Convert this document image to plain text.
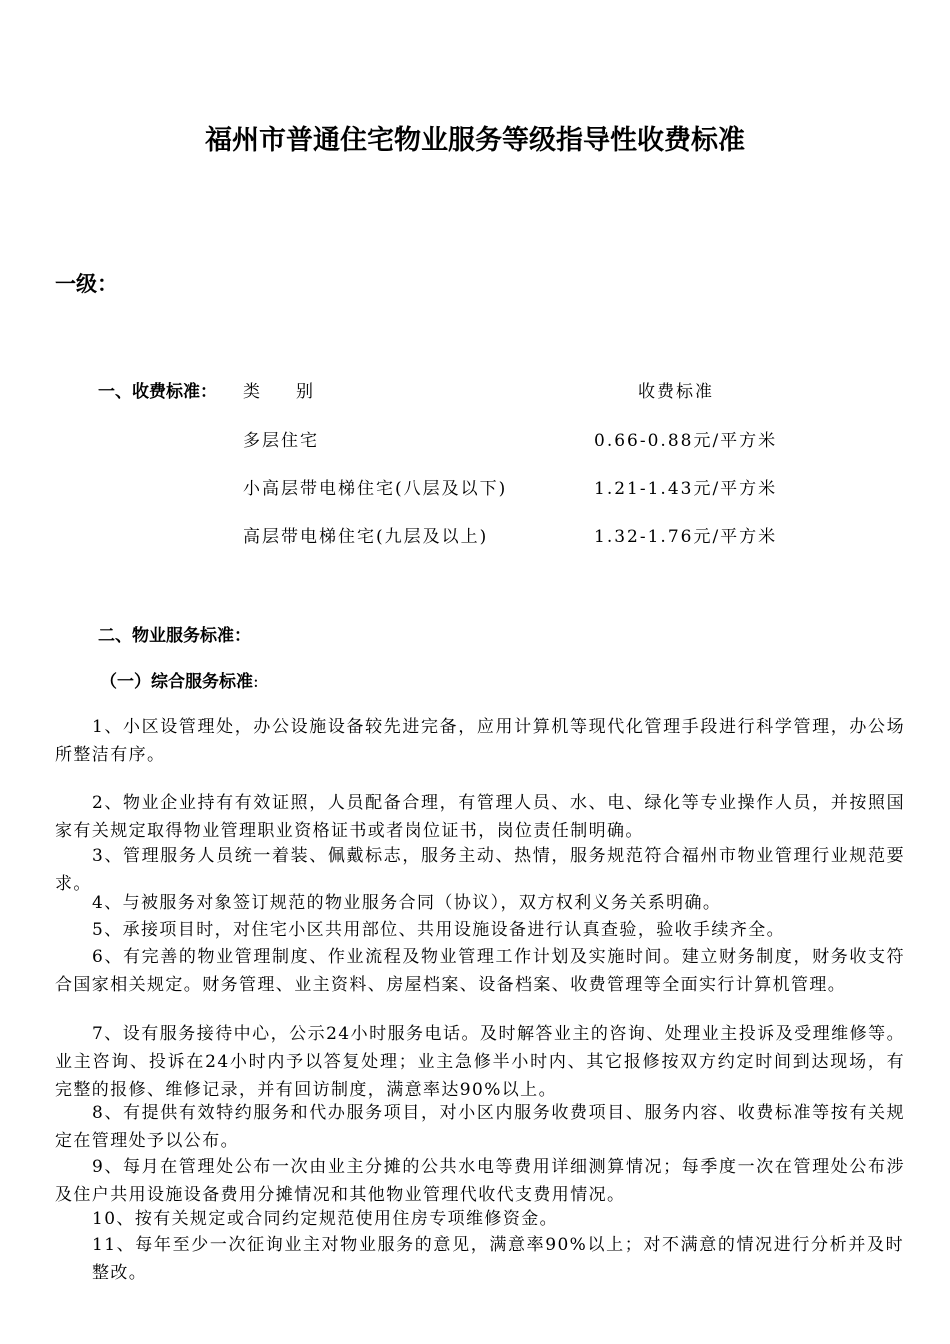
福州市普通住宅物业服务等级指导性收费标准
一级：
一、收费标准： 类 别	收费标准
多层住宅	0.66-0.88元/平方米
小高层带电梯住宅(八层及以下)	1.21-1.43元/平方米
高层带电梯住宅(九层及以上)	1.32-1.76元/平方米
二、物业服务标准：
（一）综合服务标准:
1、小区设管理处，办公设施设备较先进完备，应用计算机等现代化管理手段进行科学管理，办公场所整洁有序。
2、物业企业持有有效证照，人员配备合理，有管理人员、水、电、绿化等专业操作人员，并按照国家有关规定取得物业管理职业资格证书或者岗位证书，岗位责任制明确。
3、管理服务人员统一着装、佩戴标志，服务主动、热情，服务规范符合福州市物业管理行业规范要求。
4、与被服务对象签订规范的物业服务合同（协议），双方权利义务关系明确。
5、承接项目时，对住宅小区共用部位、共用设施设备进行认真查验，验收手续齐全。
6、有完善的物业管理制度、作业流程及物业管理工作计划及实施时间。建立财务制度，财务收支符合国家相关规定。财务管理、业主资料、房屋档案、设备档案、收费管理等全面实行计算机管理。
7、设有服务接待中心，公示24小时服务电话。及时解答业主的咨询、处理业主投诉及受理维修等。业主咨询、投诉在24小时内予以答复处理；业主急修半小时内、其它报修按双方约定时间到达现场，有完整的报修、维修记录，并有回访制度，满意率达90%以上。
8、有提供有效特约服务和代办服务项目，对小区内服务收费项目、服务内容、收费标准等按有关规定在管理处予以公布。
9、每月在管理处公布一次由业主分摊的公共水电等费用详细测算情况；每季度一次在管理处公布涉及住户共用设施设备费用分摊情况和其他物业管理代收代支费用情况。
10、按有关规定或合同约定规范使用住房专项维修资金。
11、每年至少一次征询业主对物业服务的意见，满意率90%以上；对不满意的情况进行分析并及时整改。
